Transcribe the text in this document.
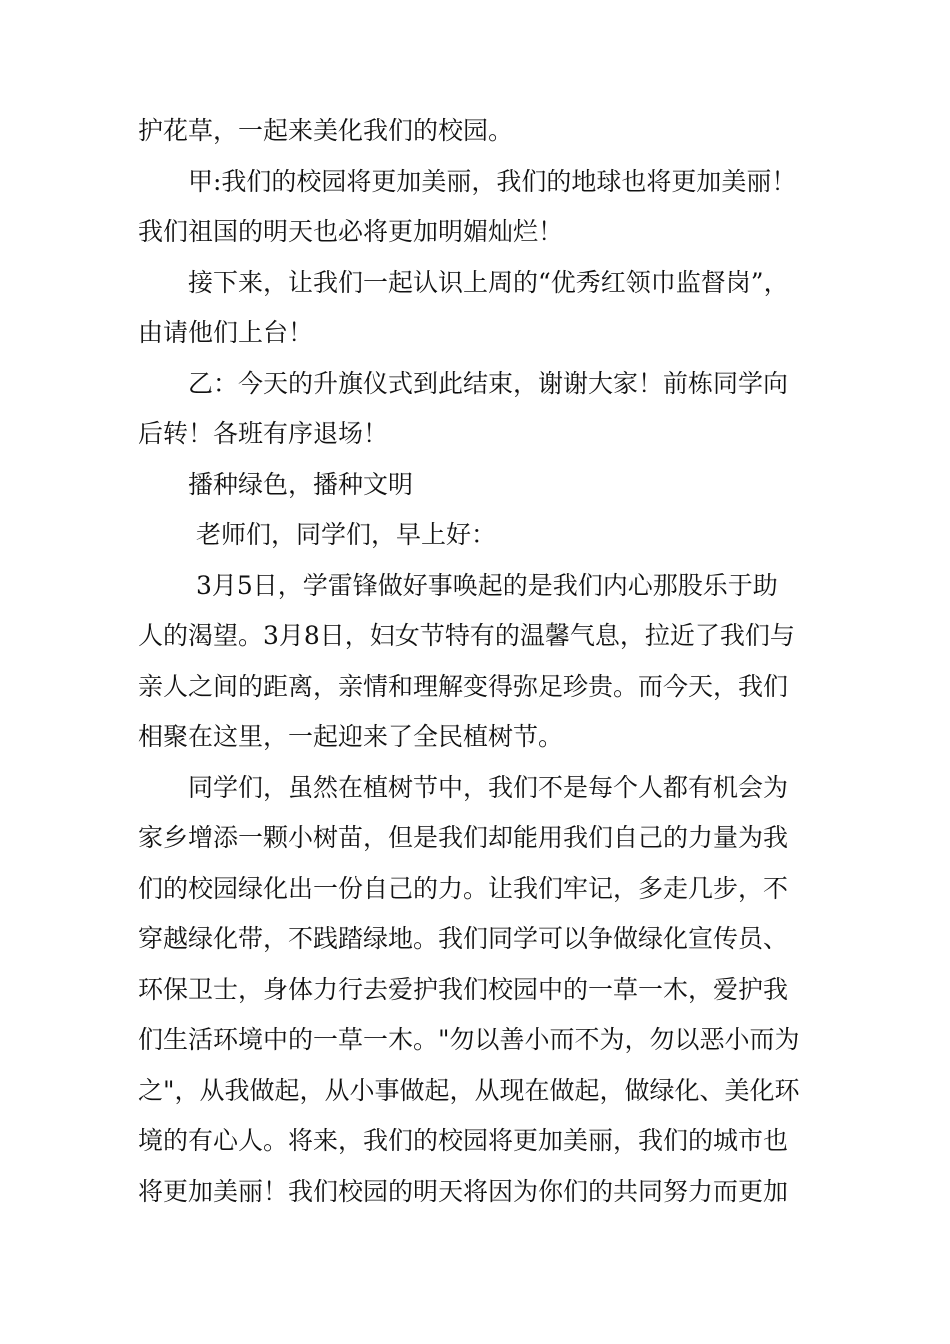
护花草，一起来美化我们的校园。
　　甲:我们的校园将更加美丽，我们的地球也将更加美丽！
我们祖国的明天也必将更加明媚灿烂！
　　接下来，让我们一起认识上周的“优秀红领巾监督岗”，
由请他们上台！
　　乙：今天的升旗仪式到此结束，谢谢大家！前栋同学向
后转！各班有序退场！
　　播种绿色，播种文明
　　 老师们，同学们，早上好：
　　 3月5日，学雷锋做好事唤起的是我们内心那股乐于助
人的渴望。3月8日，妇女节特有的温馨气息，拉近了我们与
亲人之间的距离，亲情和理解变得弥足珍贵。而今天，我们
相聚在这里，一起迎来了全民植树节。
　　同学们，虽然在植树节中，我们不是每个人都有机会为
家乡增添一颗小树苗，但是我们却能用我们自己的力量为我
们的校园绿化出一份自己的力。让我们牢记，多走几步，不
穿越绿化带，不践踏绿地。我们同学可以争做绿化宣传员、
环保卫士，身体力行去爱护我们校园中的一草一木，爱护我
们生活环境中的一草一木。"勿以善小而不为，勿以恶小而为
之"，从我做起，从小事做起，从现在做起，做绿化、美化环
境的有心人。将来，我们的校园将更加美丽，我们的城市也
将更加美丽！我们校园的明天将因为你们的共同努力而更加
